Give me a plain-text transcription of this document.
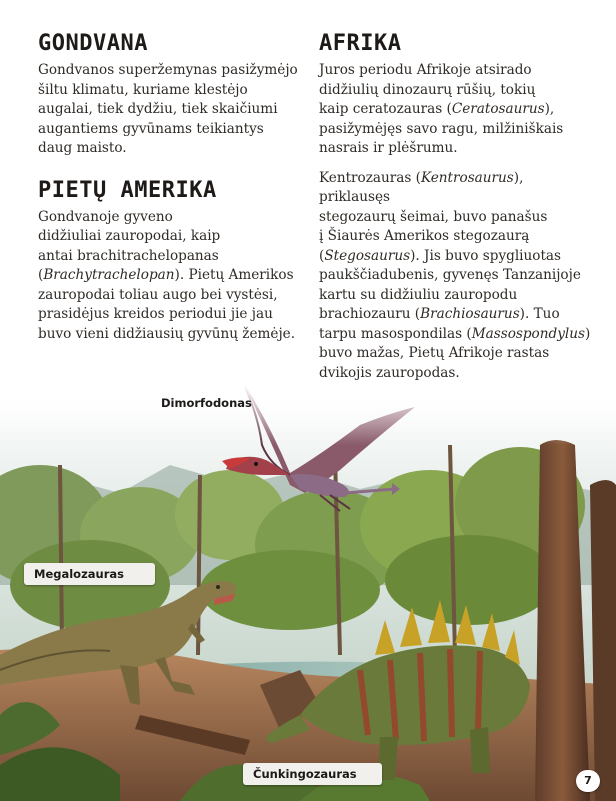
GONDVANA

Gondvanos superžemynas pasižymėjo
šiltu klimatu, kuriame klestėjo
augalai, tiek dydžiu, tiek skaičiumi
augantiems gyvūnams teikiantys
daug maisto.

PIETŲ AMERIKA

Gondvanoje gyveno
didžiuliai zauropodai, kaip
antai brachitrachelopanas
(Brachytrachelopan). Pietų Amerikos
zauropodai toliau augo bei vystėsi,
prasidėjus kreidos periodui jie jau
buvo vieni didžiausių gyvūnų žemėje.

AFRIKA

Juros periodu Afrikoje atsirado
didžiulių dinozaurų rūšių, tokių
kaip ceratozauras (Ceratosaurus),
pasižymėjęs savo ragu, milžiniškais
nasrais ir plėšrumu.

Kentrozauras (Kentrosaurus), priklausęs
stegozaurų šeimai, buvo panašus
į Šiaurės Amerikos stegozaurą
(Stegosaurus). Jis buvo spygliuotas
paukščiadubenis, gyvenęs Tanzanijoje
kartu su didžiuliu zauropodu
brachiozauru (Brachiosaurus). Tuo
tarpu masospondilas (Massospondylus)
buvo mažas, Pietų Afrikoje rastas
dvikojis zauropodas.

Dimorfodonas
Megalozauras
Čunkingozauras	7
